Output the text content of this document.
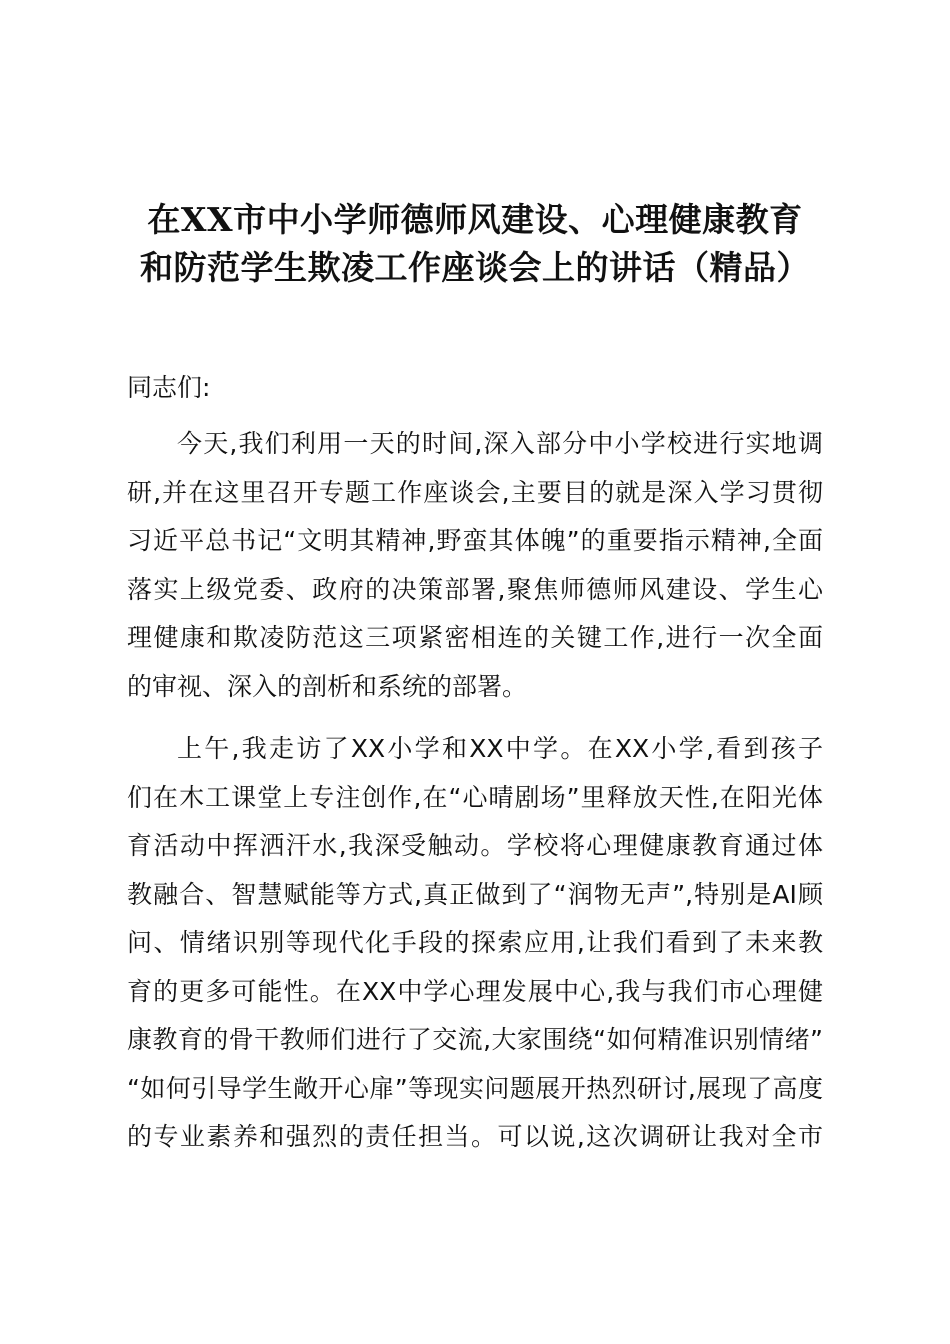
在XX市中小学师德师风建设、心理健康教育
和防范学生欺凌工作座谈会上的讲话（精品）

同志们:

今天,我们利用一天的时间,深入部分中小学校进行实地调
研,并在这里召开专题工作座谈会,主要目的就是深入学习贯彻
习近平总书记“文明其精神,野蛮其体魄”的重要指示精神,全面
落实上级党委、政府的决策部署,聚焦师德师风建设、学生心
理健康和欺凌防范这三项紧密相连的关键工作,进行一次全面
的审视、深入的剖析和系统的部署。

上午,我走访了XX小学和XX中学。在XX小学,看到孩子
们在木工课堂上专注创作,在“心晴剧场”里释放天性,在阳光体
育活动中挥洒汗水,我深受触动。学校将心理健康教育通过体
教融合、智慧赋能等方式,真正做到了“润物无声”,特别是AI顾
问、情绪识别等现代化手段的探索应用,让我们看到了未来教
育的更多可能性。在XX中学心理发展中心,我与我们市心理健
康教育的骨干教师们进行了交流,大家围绕“如何精准识别情绪”
“如何引导学生敞开心扉”等现实问题展开热烈研讨,展现了高度
的专业素养和强烈的责任担当。可以说,这次调研让我对全市
